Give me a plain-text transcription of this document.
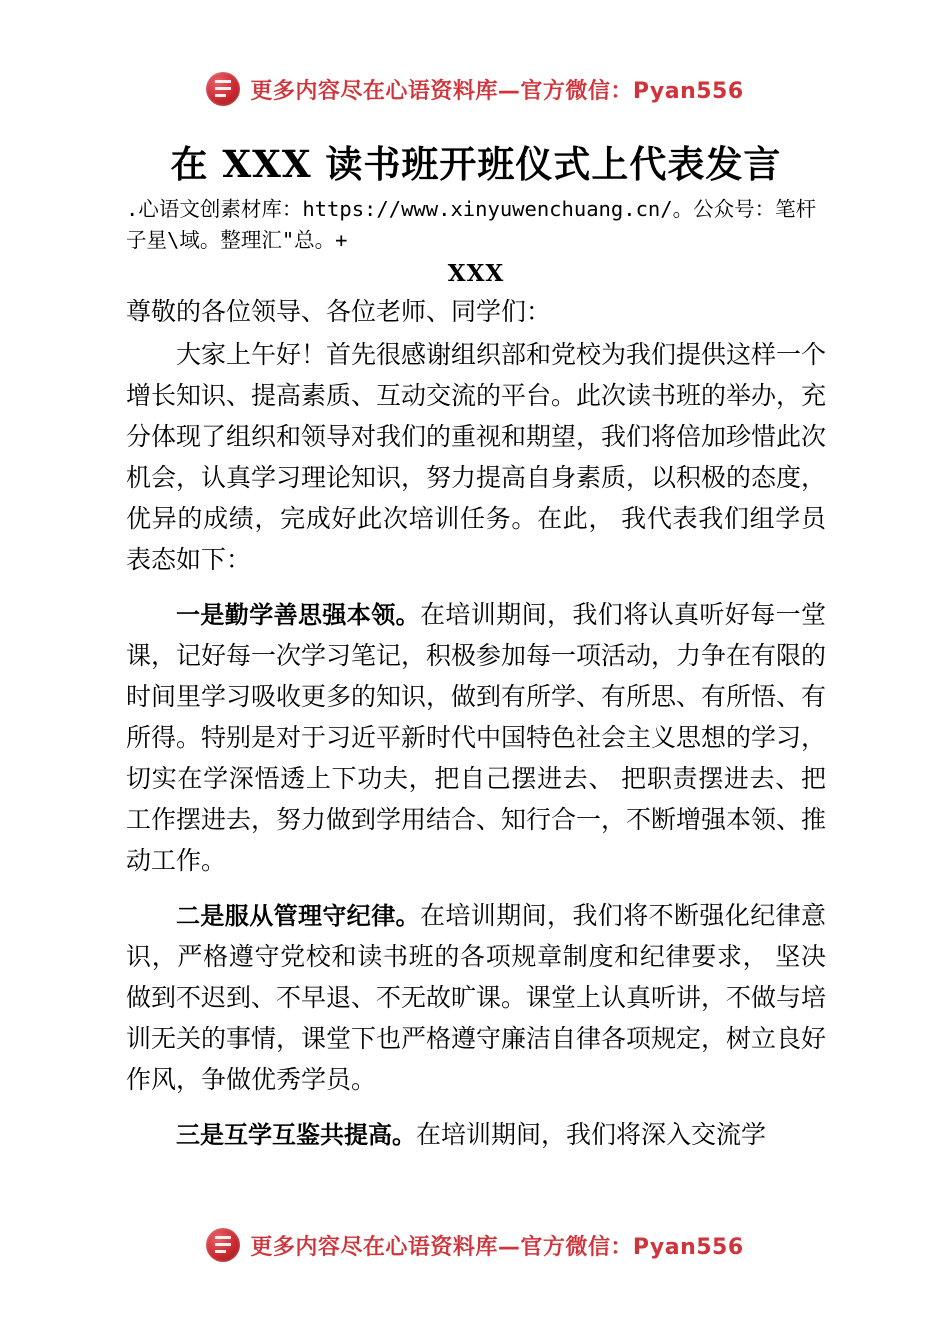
更多内容尽在心语资料库—官方微信：Pyan556
在 XXX 读书班开班仪式上代表发言
.心语文创素材库：https://www.xinyuwenchuang.cn/。公众号：笔杆子星\域。整理汇"总。+
XXX
尊敬的各位领导、各位老师、同学们：

大家上午好！首先很感谢组织部和党校为我们提供这样一个增长知识、提高素质、互动交流的平台。此次读书班的举办，充分体现了组织和领导对我们的重视和期望，我们将倍加珍惜此次机会，认真学习理论知识，努力提高自身素质，以积极的态度，优异的成绩，完成好此次培训任务。在此， 我代表我们组学员表态如下：

一是勤学善思强本领。在培训期间，我们将认真听好每一堂课，记好每一次学习笔记，积极参加每一项活动，力争在有限的时间里学习吸收更多的知识，做到有所学、有所思、有所悟、有所得。特别是对于习近平新时代中国特色社会主义思想的学习，切实在学深悟透上下功夫，把自己摆进去、 把职责摆进去、把工作摆进去，努力做到学用结合、知行合一，不断增强本领、推动工作。

二是服从管理守纪律。在培训期间，我们将不断强化纪律意识，严格遵守党校和读书班的各项规章制度和纪律要求， 坚决做到不迟到、不早退、不无故旷课。课堂上认真听讲，不做与培训无关的事情，课堂下也严格遵守廉洁自律各项规定，树立良好作风，争做优秀学员。

三是互学互鉴共提高。在培训期间，我们将深入交流学

更多内容尽在心语资料库—官方微信：Pyan556
